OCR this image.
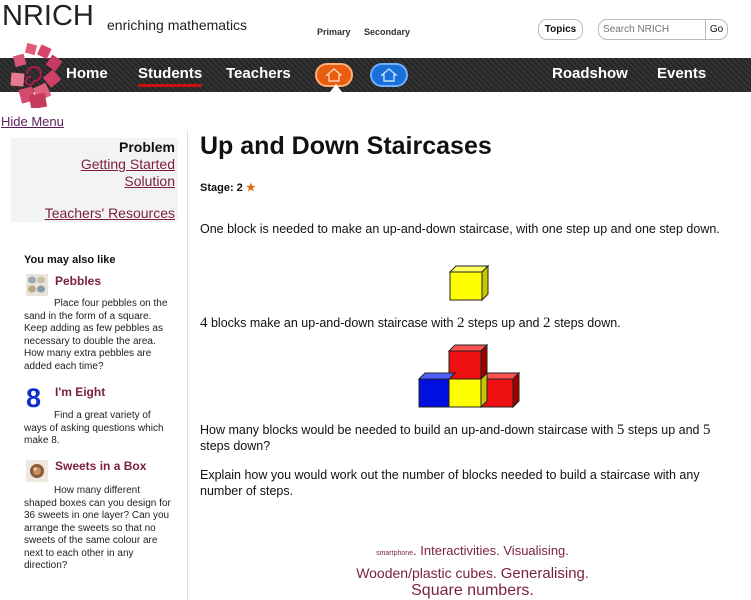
NRICH enriching mathematics	Primary Secondary	Topics
Search NRICH	Go
Home Students Teachers	Roadshow Events
Hide Menu
Problem
Getting Started
Solution
Teachers' Resources
You may also like
Pebbles
Place four pebbles on the sand in the form of a square. Keep adding as few pebbles as necessary to double the area. How many extra pebbles are added each time?
8	I'm Eight
Find a great variety of ways of asking questions which make 8.
Sweets in a Box
How many different shaped boxes can you design for 36 sweets in one layer? Can you arrange the sweets so that no sweets of the same colour are next to each other in any direction?
Up and Down Staircases
Stage: 2 ★
One block is needed to make an up-and-down staircase, with one step up and one step down.
4 blocks make an up-and-down staircase with 2 steps up and 2 steps down.
How many blocks would be needed to build an up-and-down staircase with 5 steps up and 5 steps down?
Explain how you would work out the number of blocks needed to build a staircase with any number of steps.
smartphone. Interactivities. Visualising.
Wooden/plastic cubes. Generalising.
Square numbers.
